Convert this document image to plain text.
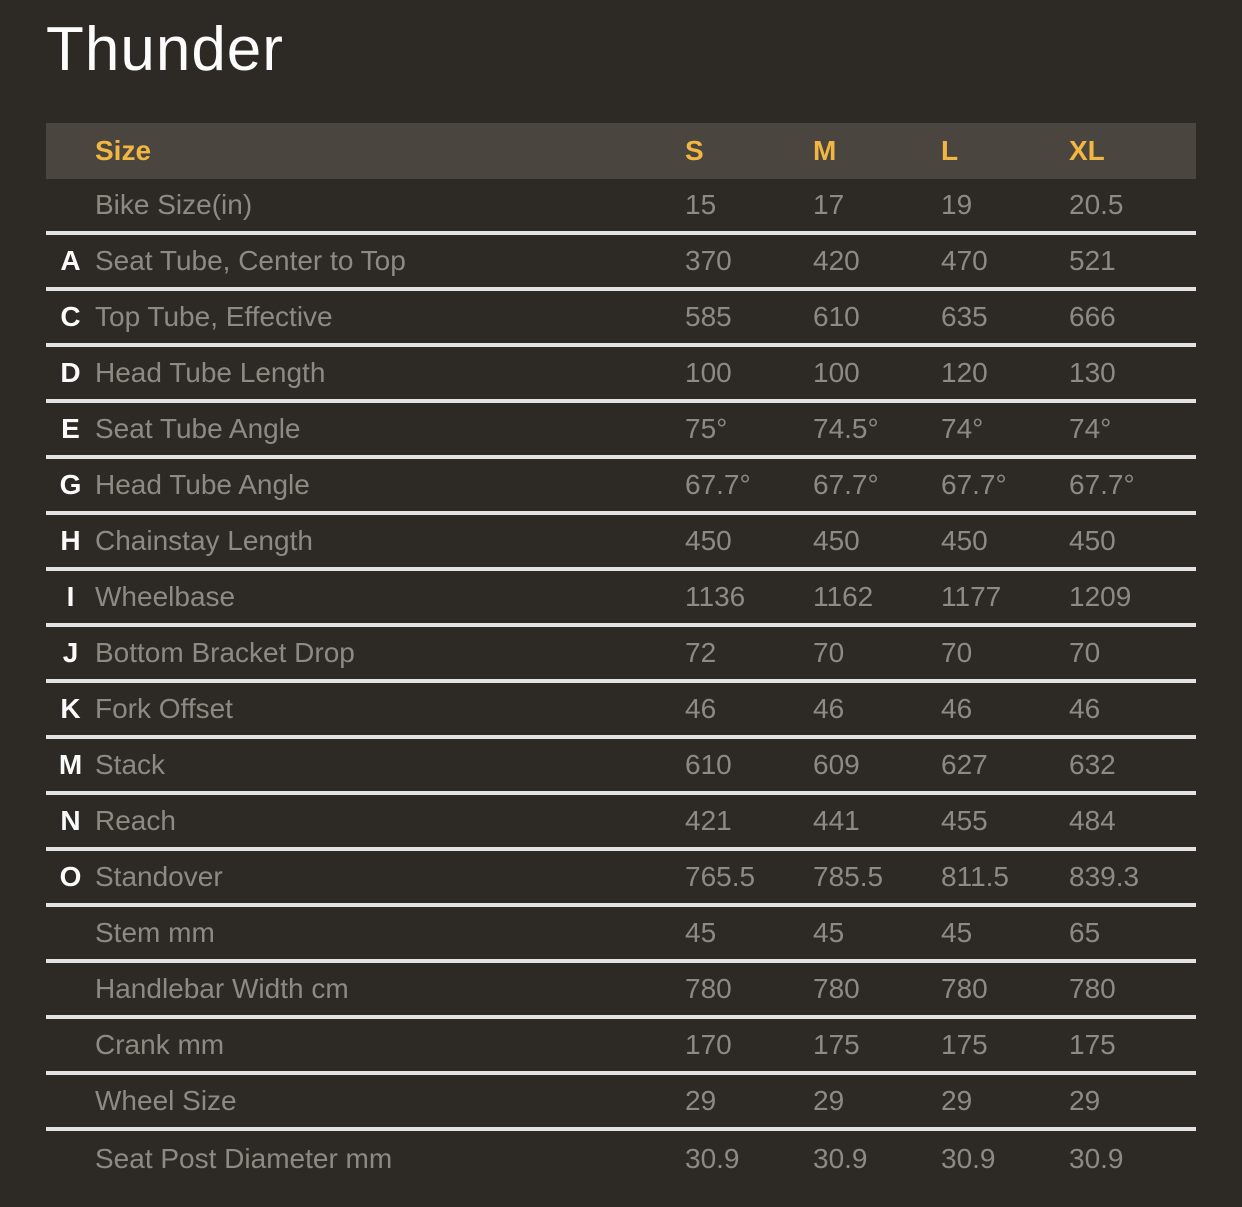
Thunder
Size	S	M	L	XL
Bike Size(in)	15	17	19	20.5
A Seat Tube, Center to Top	370	420	470	521
C Top Tube, Effective	585	610	635	666
D Head Tube Length	100	100	120	130
E Seat Tube Angle	75°	74.5°	74°	74°
G Head Tube Angle	67.7°	67.7°	67.7°	67.7°
H Chainstay Length	450	450	450	450
I Wheelbase	1136	1162	1177	1209
J Bottom Bracket Drop	72	70	70	70
K Fork Offset	46	46	46	46
M Stack	610	609	627	632
N Reach	421	441	455	484
O Standover	765.5	785.5	811.5	839.3
Stem mm	45	45	45	65
Handlebar Width cm	780	780	780	780
Crank mm	170	175	175	175
Wheel Size	29	29	29	29
Seat Post Diameter mm	30.9	30.9	30.9	30.9
